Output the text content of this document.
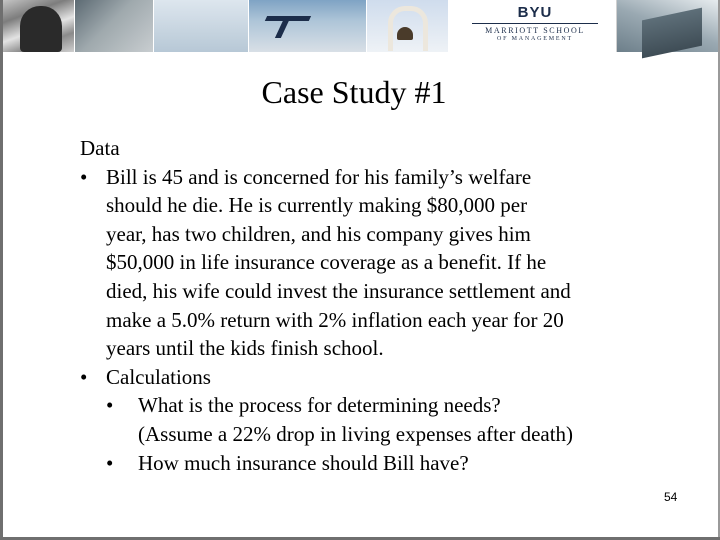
BYU
MARRIOTT SCHOOL
OF MANAGEMENT
Case Study #1
Data
• Bill is 45 and is concerned for his family’s welfare
should he die. He is currently making $80,000 per
year, has two children, and his company gives him
$50,000 in life insurance coverage as a benefit. If he
died, his wife could invest the insurance settlement and
make a 5.0% return with 2% inflation each year for 20
years until the kids finish school.
• Calculations
• What is the process for determining needs?
(Assume a 22% drop in living expenses after death)
• How much insurance should Bill have?
54
